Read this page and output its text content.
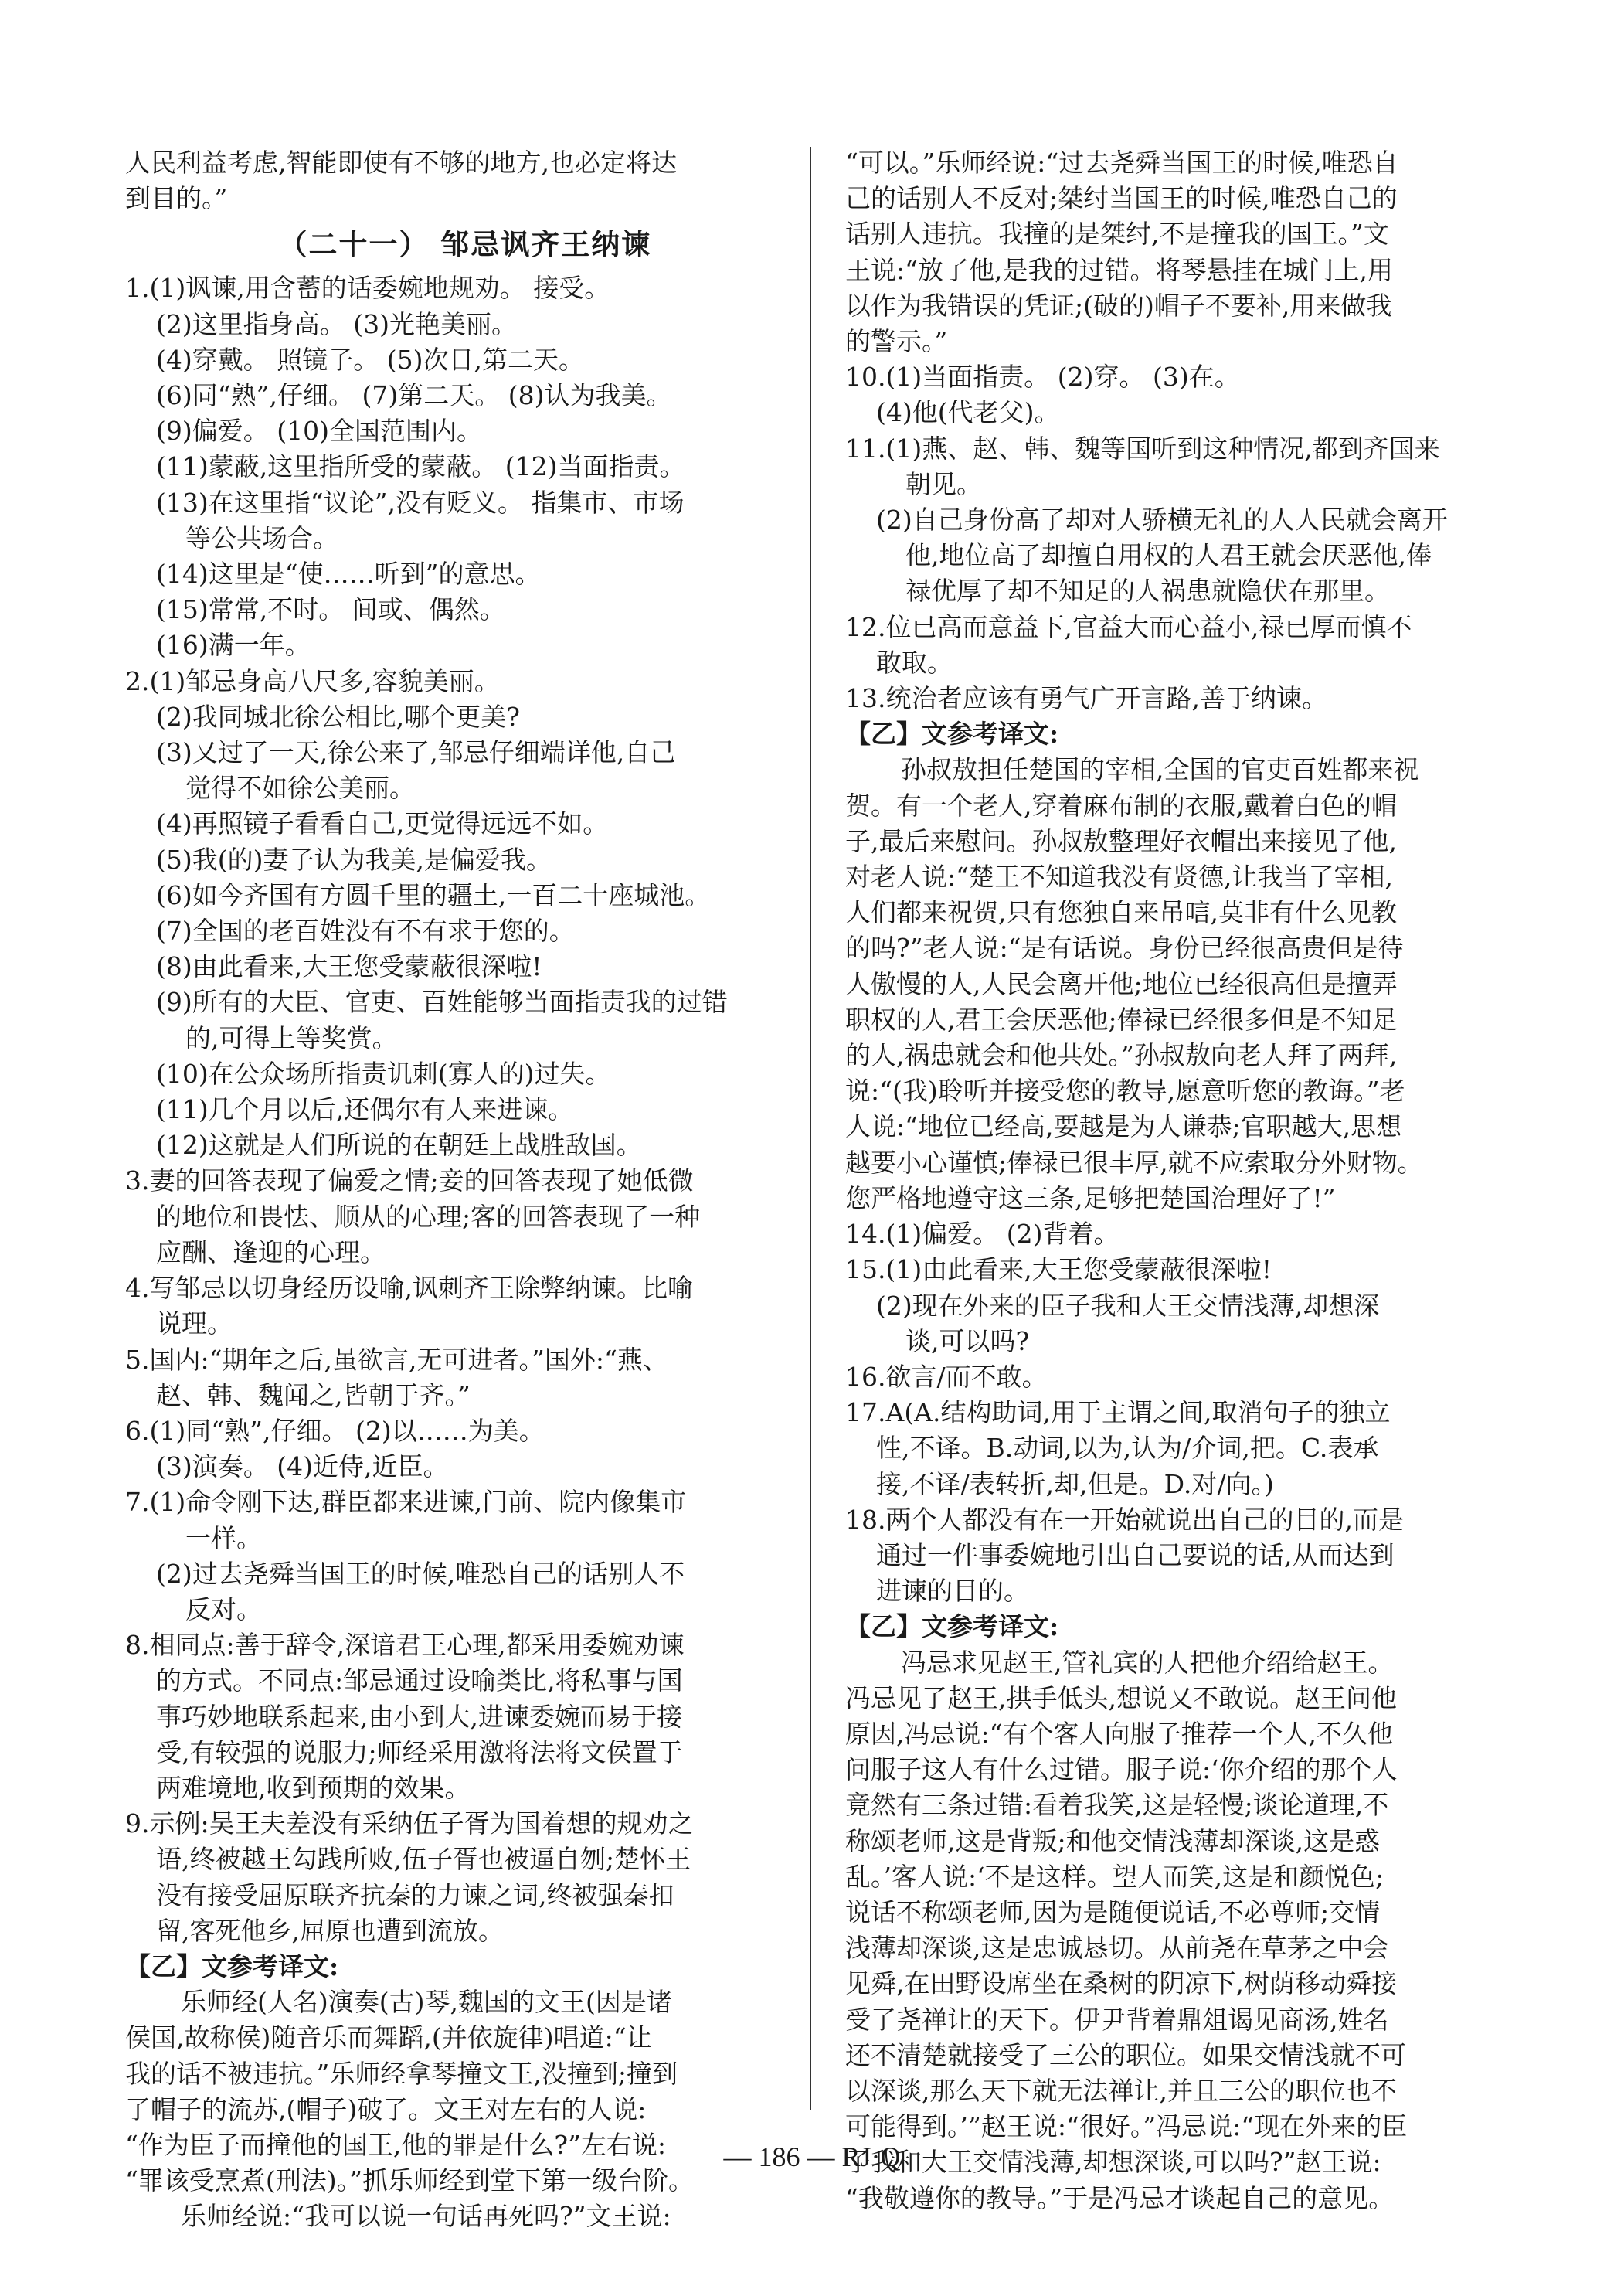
人民利益考虑,智能即使有不够的地方,也必定将达

到目的。”

（二十一） 邹忌讽齐王纳谏

1.(1)讽谏,用含蓄的话委婉地规劝。 接受。

(2)这里指身高。 (3)光艳美丽。

(4)穿戴。 照镜子。 (5)次日,第二天。

(6)同“熟”,仔细。 (7)第二天。 (8)认为我美。

(9)偏爱。 (10)全国范围内。

(11)蒙蔽,这里指所受的蒙蔽。 (12)当面指责。

(13)在这里指“议论”,没有贬义。 指集市、市场

等公共场合。

(14)这里是“使……听到”的意思。

(15)常常,不时。 间或、偶然。

(16)满一年。

2.(1)邹忌身高八尺多,容貌美丽。

(2)我同城北徐公相比,哪个更美?

(3)又过了一天,徐公来了,邹忌仔细端详他,自己

觉得不如徐公美丽。

(4)再照镜子看看自己,更觉得远远不如。

(5)我(的)妻子认为我美,是偏爱我。

(6)如今齐国有方圆千里的疆土,一百二十座城池。

(7)全国的老百姓没有不有求于您的。

(8)由此看来,大王您受蒙蔽很深啦!

(9)所有的大臣、官吏、百姓能够当面指责我的过错

的,可得上等奖赏。

(10)在公众场所指责讥刺(寡人的)过失。

(11)几个月以后,还偶尔有人来进谏。

(12)这就是人们所说的在朝廷上战胜敌国。

3.妻的回答表现了偏爱之情;妾的回答表现了她低微

的地位和畏怯、顺从的心理;客的回答表现了一种

应酬、逢迎的心理。

4.写邹忌以切身经历设喻,讽刺齐王除弊纳谏。比喻

说理。

5.国内:“期年之后,虽欲言,无可进者。”国外:“燕、

赵、韩、魏闻之,皆朝于齐。”

6.(1)同“熟”,仔细。 (2)以……为美。

(3)演奏。 (4)近侍,近臣。

7.(1)命令刚下达,群臣都来进谏,门前、院内像集市

一样。

(2)过去尧舜当国王的时候,唯恐自己的话别人不

反对。

8.相同点:善于辞令,深谙君王心理,都采用委婉劝谏

的方式。不同点:邹忌通过设喻类比,将私事与国

事巧妙地联系起来,由小到大,进谏委婉而易于接

受,有较强的说服力;师经采用激将法将文侯置于

两难境地,收到预期的效果。

9.示例:吴王夫差没有采纳伍子胥为国着想的规劝之

语,终被越王勾践所败,伍子胥也被逼自刎;楚怀王

没有接受屈原联齐抗秦的力谏之词,终被强秦扣

留,客死他乡,屈原也遭到流放。

【乙】文参考译文:

乐师经(人名)演奏(古)琴,魏国的文王(因是诸

侯国,故称侯)随音乐而舞蹈,(并依旋律)唱道:“让

我的话不被违抗。”乐师经拿琴撞文王,没撞到;撞到

了帽子的流苏,(帽子)破了。文王对左右的人说:

“作为臣子而撞他的国王,他的罪是什么?”左右说:

“罪该受烹煮(刑法)。”抓乐师经到堂下第一级台阶。

乐师经说:“我可以说一句话再死吗?”文王说:

“可以。”乐师经说:“过去尧舜当国王的时候,唯恐自

己的话别人不反对;桀纣当国王的时候,唯恐自己的

话别人违抗。我撞的是桀纣,不是撞我的国王。”文

王说:“放了他,是我的过错。将琴悬挂在城门上,用

以作为我错误的凭证;(破的)帽子不要补,用来做我

的警示。”

10.(1)当面指责。 (2)穿。 (3)在。

(4)他(代老父)。

11.(1)燕、赵、韩、魏等国听到这种情况,都到齐国来

朝见。

(2)自己身份高了却对人骄横无礼的人人民就会离开

他,地位高了却擅自用权的人君王就会厌恶他,俸

禄优厚了却不知足的人祸患就隐伏在那里。

12.位已高而意益下,官益大而心益小,禄已厚而慎不

敢取。

13.统治者应该有勇气广开言路,善于纳谏。

【乙】文参考译文:

孙叔敖担任楚国的宰相,全国的官吏百姓都来祝

贺。有一个老人,穿着麻布制的衣服,戴着白色的帽

子,最后来慰问。孙叔敖整理好衣帽出来接见了他,

对老人说:“楚王不知道我没有贤德,让我当了宰相,

人们都来祝贺,只有您独自来吊唁,莫非有什么见教

的吗?”老人说:“是有话说。身份已经很高贵但是待

人傲慢的人,人民会离开他;地位已经很高但是擅弄

职权的人,君王会厌恶他;俸禄已经很多但是不知足

的人,祸患就会和他共处。”孙叔敖向老人拜了两拜,

说:“(我)聆听并接受您的教导,愿意听您的教诲。”老

人说:“地位已经高,要越是为人谦恭;官职越大,思想

越要小心谨慎;俸禄已很丰厚,就不应索取分外财物。

您严格地遵守这三条,足够把楚国治理好了!”

14.(1)偏爱。 (2)背着。

15.(1)由此看来,大王您受蒙蔽很深啦!

(2)现在外来的臣子我和大王交情浅薄,却想深

谈,可以吗?

16.欲言/而不敢。

17.A(A.结构助词,用于主谓之间,取消句子的独立

性,不译。B.动词,以为,认为/介词,把。C.表承

接,不译/表转折,却,但是。D.对/向。)

18.两个人都没有在一开始就说出自己的目的,而是

通过一件事委婉地引出自己要说的话,从而达到

进谏的目的。

【乙】文参考译文:

冯忌求见赵王,管礼宾的人把他介绍给赵王。

冯忌见了赵王,拱手低头,想说又不敢说。赵王问他

原因,冯忌说:“有个客人向服子推荐一个人,不久他

问服子这人有什么过错。服子说:‘你介绍的那个人

竟然有三条过错:看着我笑,这是轻慢;谈论道理,不

称颂老师,这是背叛;和他交情浅薄却深谈,这是惑

乱。’客人说:‘不是这样。望人而笑,这是和颜悦色;

说话不称颂老师,因为是随便说话,不必尊师;交情

浅薄却深谈,这是忠诚恳切。从前尧在草茅之中会

见舜,在田野设席坐在桑树的阴凉下,树荫移动舜接

受了尧禅让的天下。伊尹背着鼎俎谒见商汤,姓名

还不清楚就接受了三公的职位。如果交情浅就不可

以深谈,那么天下就无法禅让,并且三公的职位也不

可能得到。’”赵王说:“很好。”冯忌说:“现在外来的臣

子我和大王交情浅薄,却想深谈,可以吗?”赵王说:

“我敬遵你的教导。”于是冯忌才谈起自己的意见。

— 186 — RJ·Q
